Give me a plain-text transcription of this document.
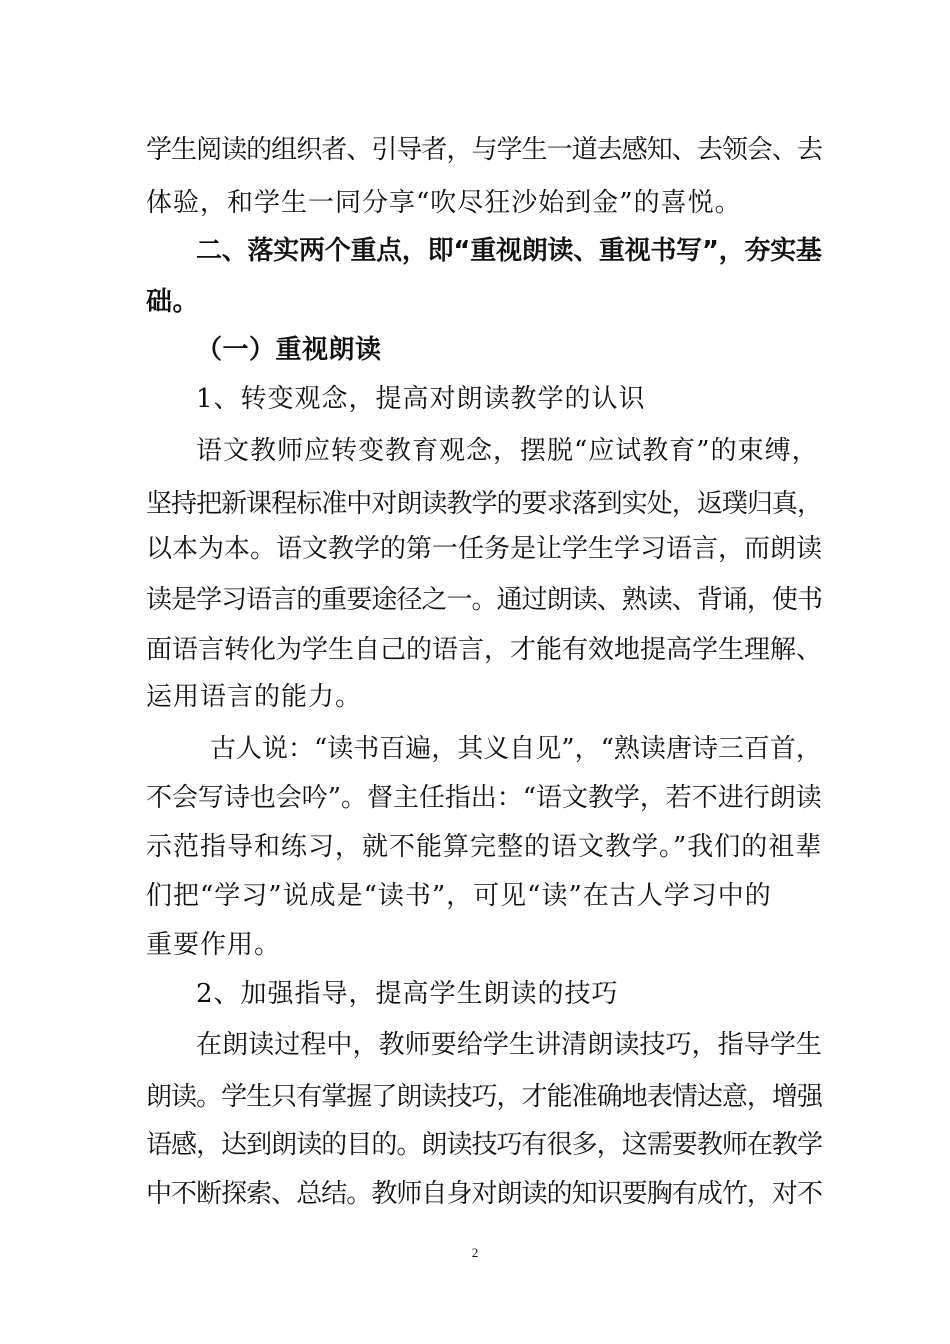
学生阅读的组织者、引导者，与学生一道去感知、去领会、去
体验，和学生一同分享“吹尽狂沙始到金”的喜悦。
二、落实两个重点，即“重视朗读、重视书写”，夯实基
础。
（一）重视朗读
1、转变观念，提高对朗读教学的认识
语文教师应转变教育观念，摆脱“应试教育”的束缚，
坚持把新课程标准中对朗读教学的要求落到实处，返璞归真，
以本为本。语文教学的第一任务是让学生学习语言，而朗读
读是学习语言的重要途径之一。通过朗读、熟读、背诵，使书
面语言转化为学生自己的语言，才能有效地提高学生理解、
运用语言的能力。
古人说：“读书百遍，其义自见”，“熟读唐诗三百首，
不会写诗也会吟”。督主任指出：“语文教学，若不进行朗读
示范指导和练习，就不能算完整的语文教学。”我们的祖辈
们把“学习”说成是“读书”，可见“读”在古人学习中的
重要作用。
2、加强指导，提高学生朗读的技巧
在朗读过程中，教师要给学生讲清朗读技巧，指导学生
朗读。学生只有掌握了朗读技巧，才能准确地表情达意，增强
语感，达到朗读的目的。朗读技巧有很多，这需要教师在教学
中不断探索、总结。教师自身对朗读的知识要胸有成竹，对不
2
